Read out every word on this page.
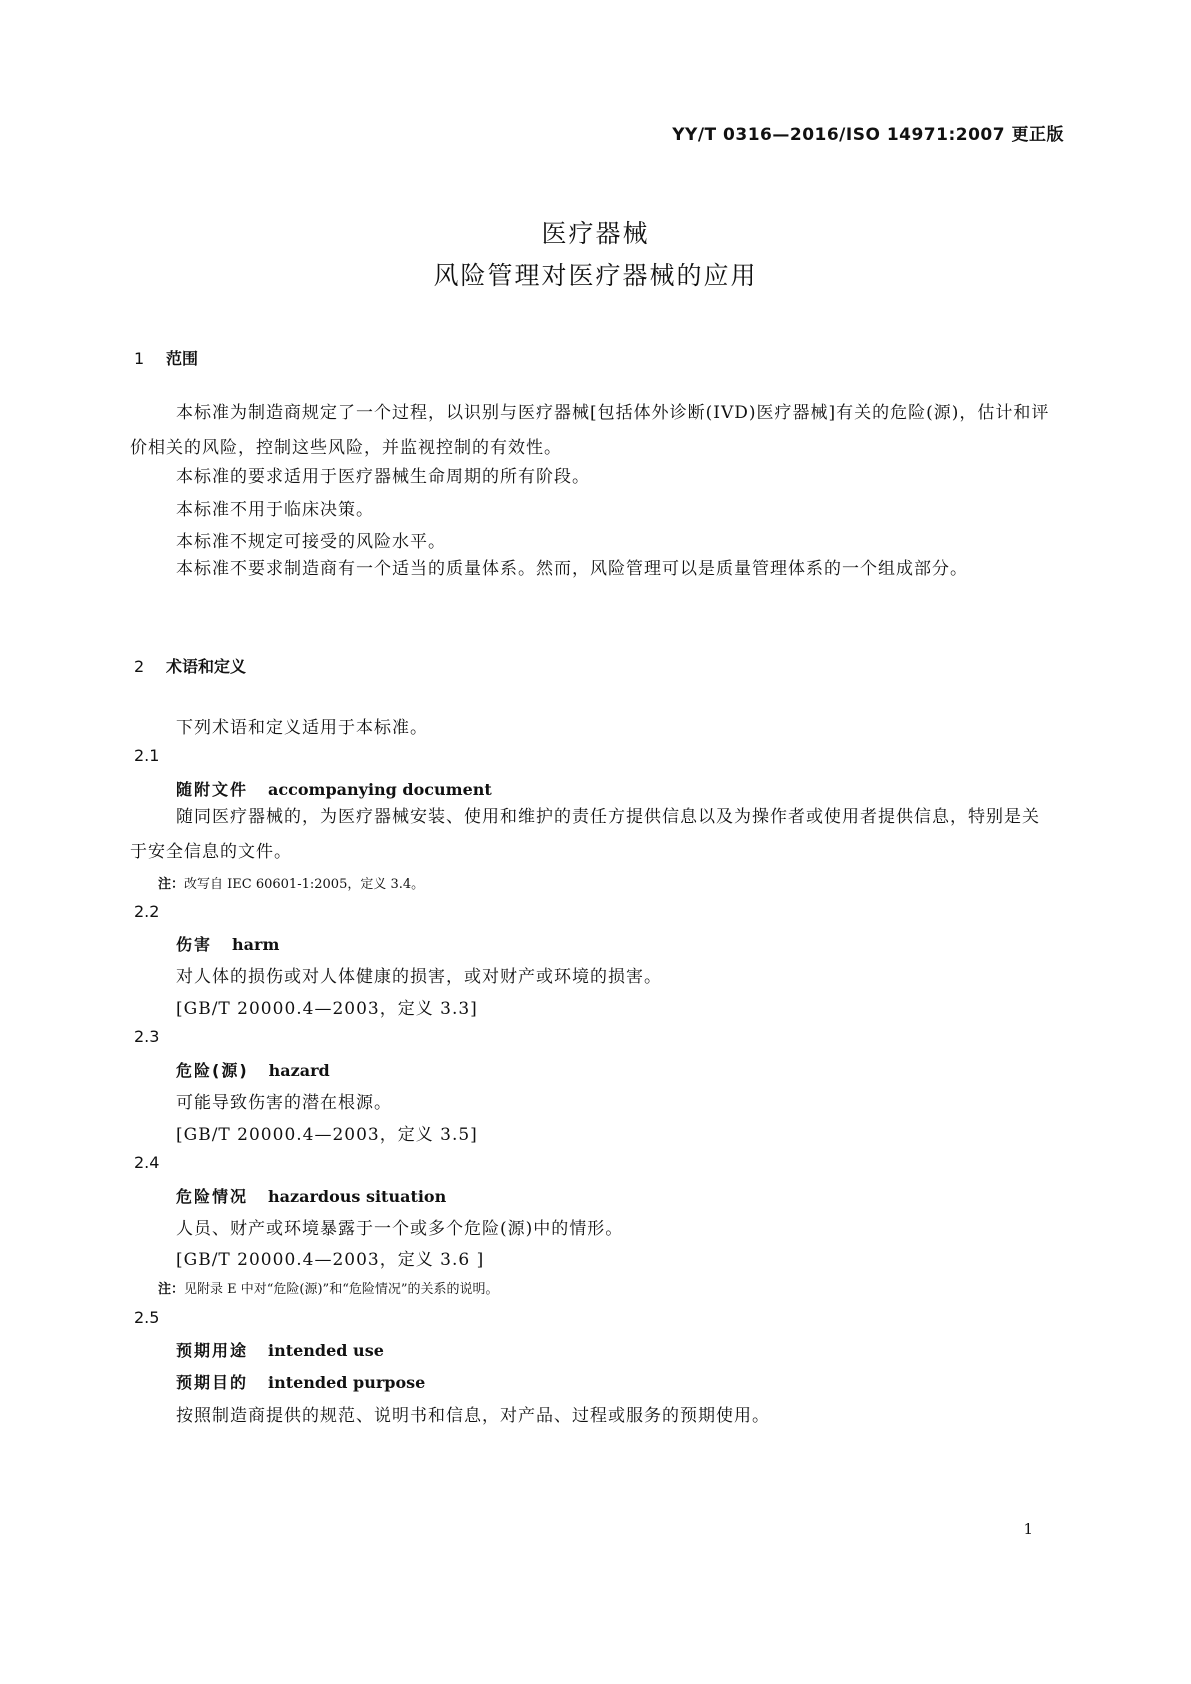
YY/T 0316—2016/ISO 14971:2007 更正版
医疗器械
风险管理对医疗器械的应用
1 范围
本标准为制造商规定了一个过程，以识别与医疗器械[包括体外诊断(IVD)医疗器械]有关的危险(源)，估计和评价相关的风险，控制这些风险，并监视控制的有效性。
本标准的要求适用于医疗器械生命周期的所有阶段。
本标准不用于临床决策。
本标准不规定可接受的风险水平。
本标准不要求制造商有一个适当的质量体系。然而，风险管理可以是质量管理体系的一个组成部分。
2 术语和定义
下列术语和定义适用于本标准。
2.1
随附文件 accompanying document
随同医疗器械的，为医疗器械安装、使用和维护的责任方提供信息以及为操作者或使用者提供信息，特别是关于安全信息的文件。
注：改写自 IEC 60601-1:2005，定义 3.4。
2.2
伤害 harm
对人体的损伤或对人体健康的损害，或对财产或环境的损害。
[GB/T 20000.4—2003，定义 3.3]
2.3
危险(源) hazard
可能导致伤害的潜在根源。
[GB/T 20000.4—2003，定义 3.5]
2.4
危险情况 hazardous situation
人员、财产或环境暴露于一个或多个危险(源)中的情形。
[GB/T 20000.4—2003，定义 3.6 ]
注：见附录 E 中对“危险(源)”和“危险情况”的关系的说明。
2.5
预期用途 intended use
预期目的 intended purpose
按照制造商提供的规范、说明书和信息，对产品、过程或服务的预期使用。
1
